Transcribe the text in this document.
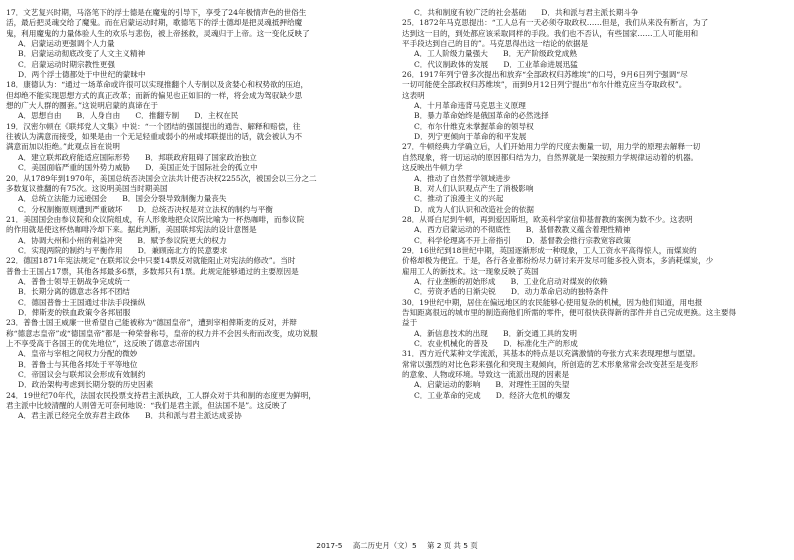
17．文艺复兴时期，马洛笔下的浮士德是在魔鬼的引导下，享受了24年极情声色的世俗生
活，最后把灵魂交给了魔鬼。而在启蒙运动时期，歌德笔下的浮士德却是把灵魂抵押给魔
鬼，利用魔鬼的力量体验人生的欢乐与悲伤，被上帝拯救，灵魂归于上帝。这一变化反映了
A．启蒙运动更强调个人力量
B．启蒙运动彻底改变了人文主义精神
C．启蒙运动时期宗教性更强
D．两个浮士德都处于中世纪的蒙昧中
18．康德认为：“通过一场革命或许很可以实现推翻个人专制以及贪婪心和权势欲的压迫，
但却绝不能实现思想方式的真正改革；而新的偏见也正如旧的一样，将会成为驾驭缺少思
想的广大人群的圈套。”这说明启蒙的真谛在于
A．思想自由　　B．人身自由　　C．推翻专制　　D．主权在民
19．汉密尔顿在《联邦党人文集》中说：“一个团结的强国提出的通告、解释和赔偿，往
往被认为满意而接受，如果是由一个无足轻重或弱小的州或邦联提出的话，就会被认为不
满意而加以拒绝。”此观点旨在说明
A．建立联邦政府能适应国际形势　　B．邦联政府阻碍了国家政治独立
C．美国面临严重的国外势力威胁　　D．美国正处于国际社会的孤立中
20．从1789年到1970年，美国总统否决国会立法共计使否决权2255次，被国会以三分之二
多数复议推翻的有75次。这说明美国当时期美国
A．总统立法能力远逊国会　　B．国会分裂导致制衡力量丧失
C．分权制衡原则遭到严重破坏　　D．总统否决权是对立法权的制约与平衡
21．美国国会由参议院和众议院组成，有人形象地把众议院比喻为一杯热咖啡，而参议院
的作用就是使这杯热咖啡冷却下来。据此判断，美国联邦宪法的设计意图是
A．协调大州和小州的利益冲突　　B．赋予参议院更大的权力
C．实现两院的制约与平衡作用　　D．兼顾南北方的民意要求
22．德国1871年宪法规定“在联邦议会中只要14票反对就能阻止对宪法的修改”。当时
普鲁士王国占17票，其他各邦最多6票，多数邦只有1票。此规定能够通过的主要原因是
A．普鲁士领导王朝战争完成统一
B．长期分离的德意志各邦不团结
C．德国普鲁士王国通过非法手段操纵
D．俾斯麦的铁血政策令各邦屈服
23．普鲁士国王威廉一世希望自己能被称为“德国皇帝”，遭到宰相俾斯麦的反对，并辩
称“德意志皇帝”或“德国皇帝”都是一种荣誉称号，皇帝的权力并不会因头衔而改变，成功说服
上不享受高于各国王的优先地位”，这反映了德意志帝国内
A．皇帝与宰相之间权力分配的微妙
B．普鲁士与其他各邦处于平等地位
C．帝国议会与联邦议会形成有效制约
D．政治架构考虑到长期分裂的历史因素
24．19世纪70年代，法国农民投票支持君主派执政，工人群众对于共和制的态度更为鲜明，
君主派中比较清醒的人则曾无可奈何地说：“我们是君主派，但法国不是”。这反映了
A．君主派已经完全放弃君主政体　　B．共和派与君主派达成妥协
C．共和制度有较广泛的社会基础　　D．共和派与君主派长期斗争
25．1872年马克思提出：“工人总有一天必须夺取政权……但是，我们从来没有断言，为了
达到这一目的，到处都应该采取同样的手段。我们也不否认，有些国家……工人可能用和
平手段达到自己的目的”。马克思得出这一结论的依据是
A．工人阶级力量强大　　B．无产阶级政党成熟
C．代议制政体的发展　　D．工业革命进展迅猛
26．1917年列宁曾多次提出和放弃“全部政权归苏维埃”的口号，9月6日列宁强调“尽
一切可能使全部政权归苏维埃”，而到9月12日列宁提出“布尔什维克应当夺取政权”。
这表明
A．十月革命违背马克思主义原理
B．暴力革命始终是俄国革命的必然选择
C．布尔什维克未掌握革命的领导权
D．列宁更倾向于革命的和平发展
27．牛顿经典力学确立后，人们开始用力学的尺度去衡量一切，用力学的原理去解释一切
自然现象，将一切运动的原因都归结为力，自然界就是一架按照力学规律运动着的机器。
这反映出牛顿力学
A．推动了自然哲学领域进步
B．对人们认识观点产生了消极影响
C．推动了浪漫主义的兴起
D．成为人们认识和改造社会的依据
28．从哥白尼到牛顿，再到爱因斯坦，欧美科学家信仰基督教的案例为数不少。这表明
A．西方启蒙运动的不彻底性　　B．基督教教义蕴含着理性精神
C．科学伦理离不开上帝指引　　D．基督教会推行宗教宽容政策
29．16世纪到18世纪中期，英国逐渐形成一种现象，工人工资水平高得惊人，而煤炭的
价格却极为便宜。于是，各行各业都纷纷尽力研讨来开发尽可能多投入资本，多消耗煤炭，少
雇用工人的新技术。这一现象反映了英国
A．行业垄断的初始形成　　B．工业化启动对煤炭的依赖
C．劳资矛盾的日渐尖锐　　D．动力革命启动的独特条件
30．19世纪中期，居住在偏远地区的农民能够心使用复杂的机械，因为他们知道，用电报
告知距离很远的城市里的制造商他们所需的零件，便可很快获得新的部件并自己完成更换。这主要得
益于
A．新信息技术的出现　　B．新交通工具的发明
C．农业机械化的普及　　D．标准化生产的形成
31．西方近代某种文学流派，其基本的特点是以充满激情的夸张方式来表现理想与愿望。
常常以强烈的对比色彩来强化和突现主观倾向，所创造的艺术形象常常会改变甚至是变形
的意象、人物或环境。导致这一流派出现的因素是
A．启蒙运动的影响　　B．对理性王国的失望
C．工业革命的完成　　D．经济大危机的爆发
2017-5 高二历史月（文）5 第 2 页 共 5 页
